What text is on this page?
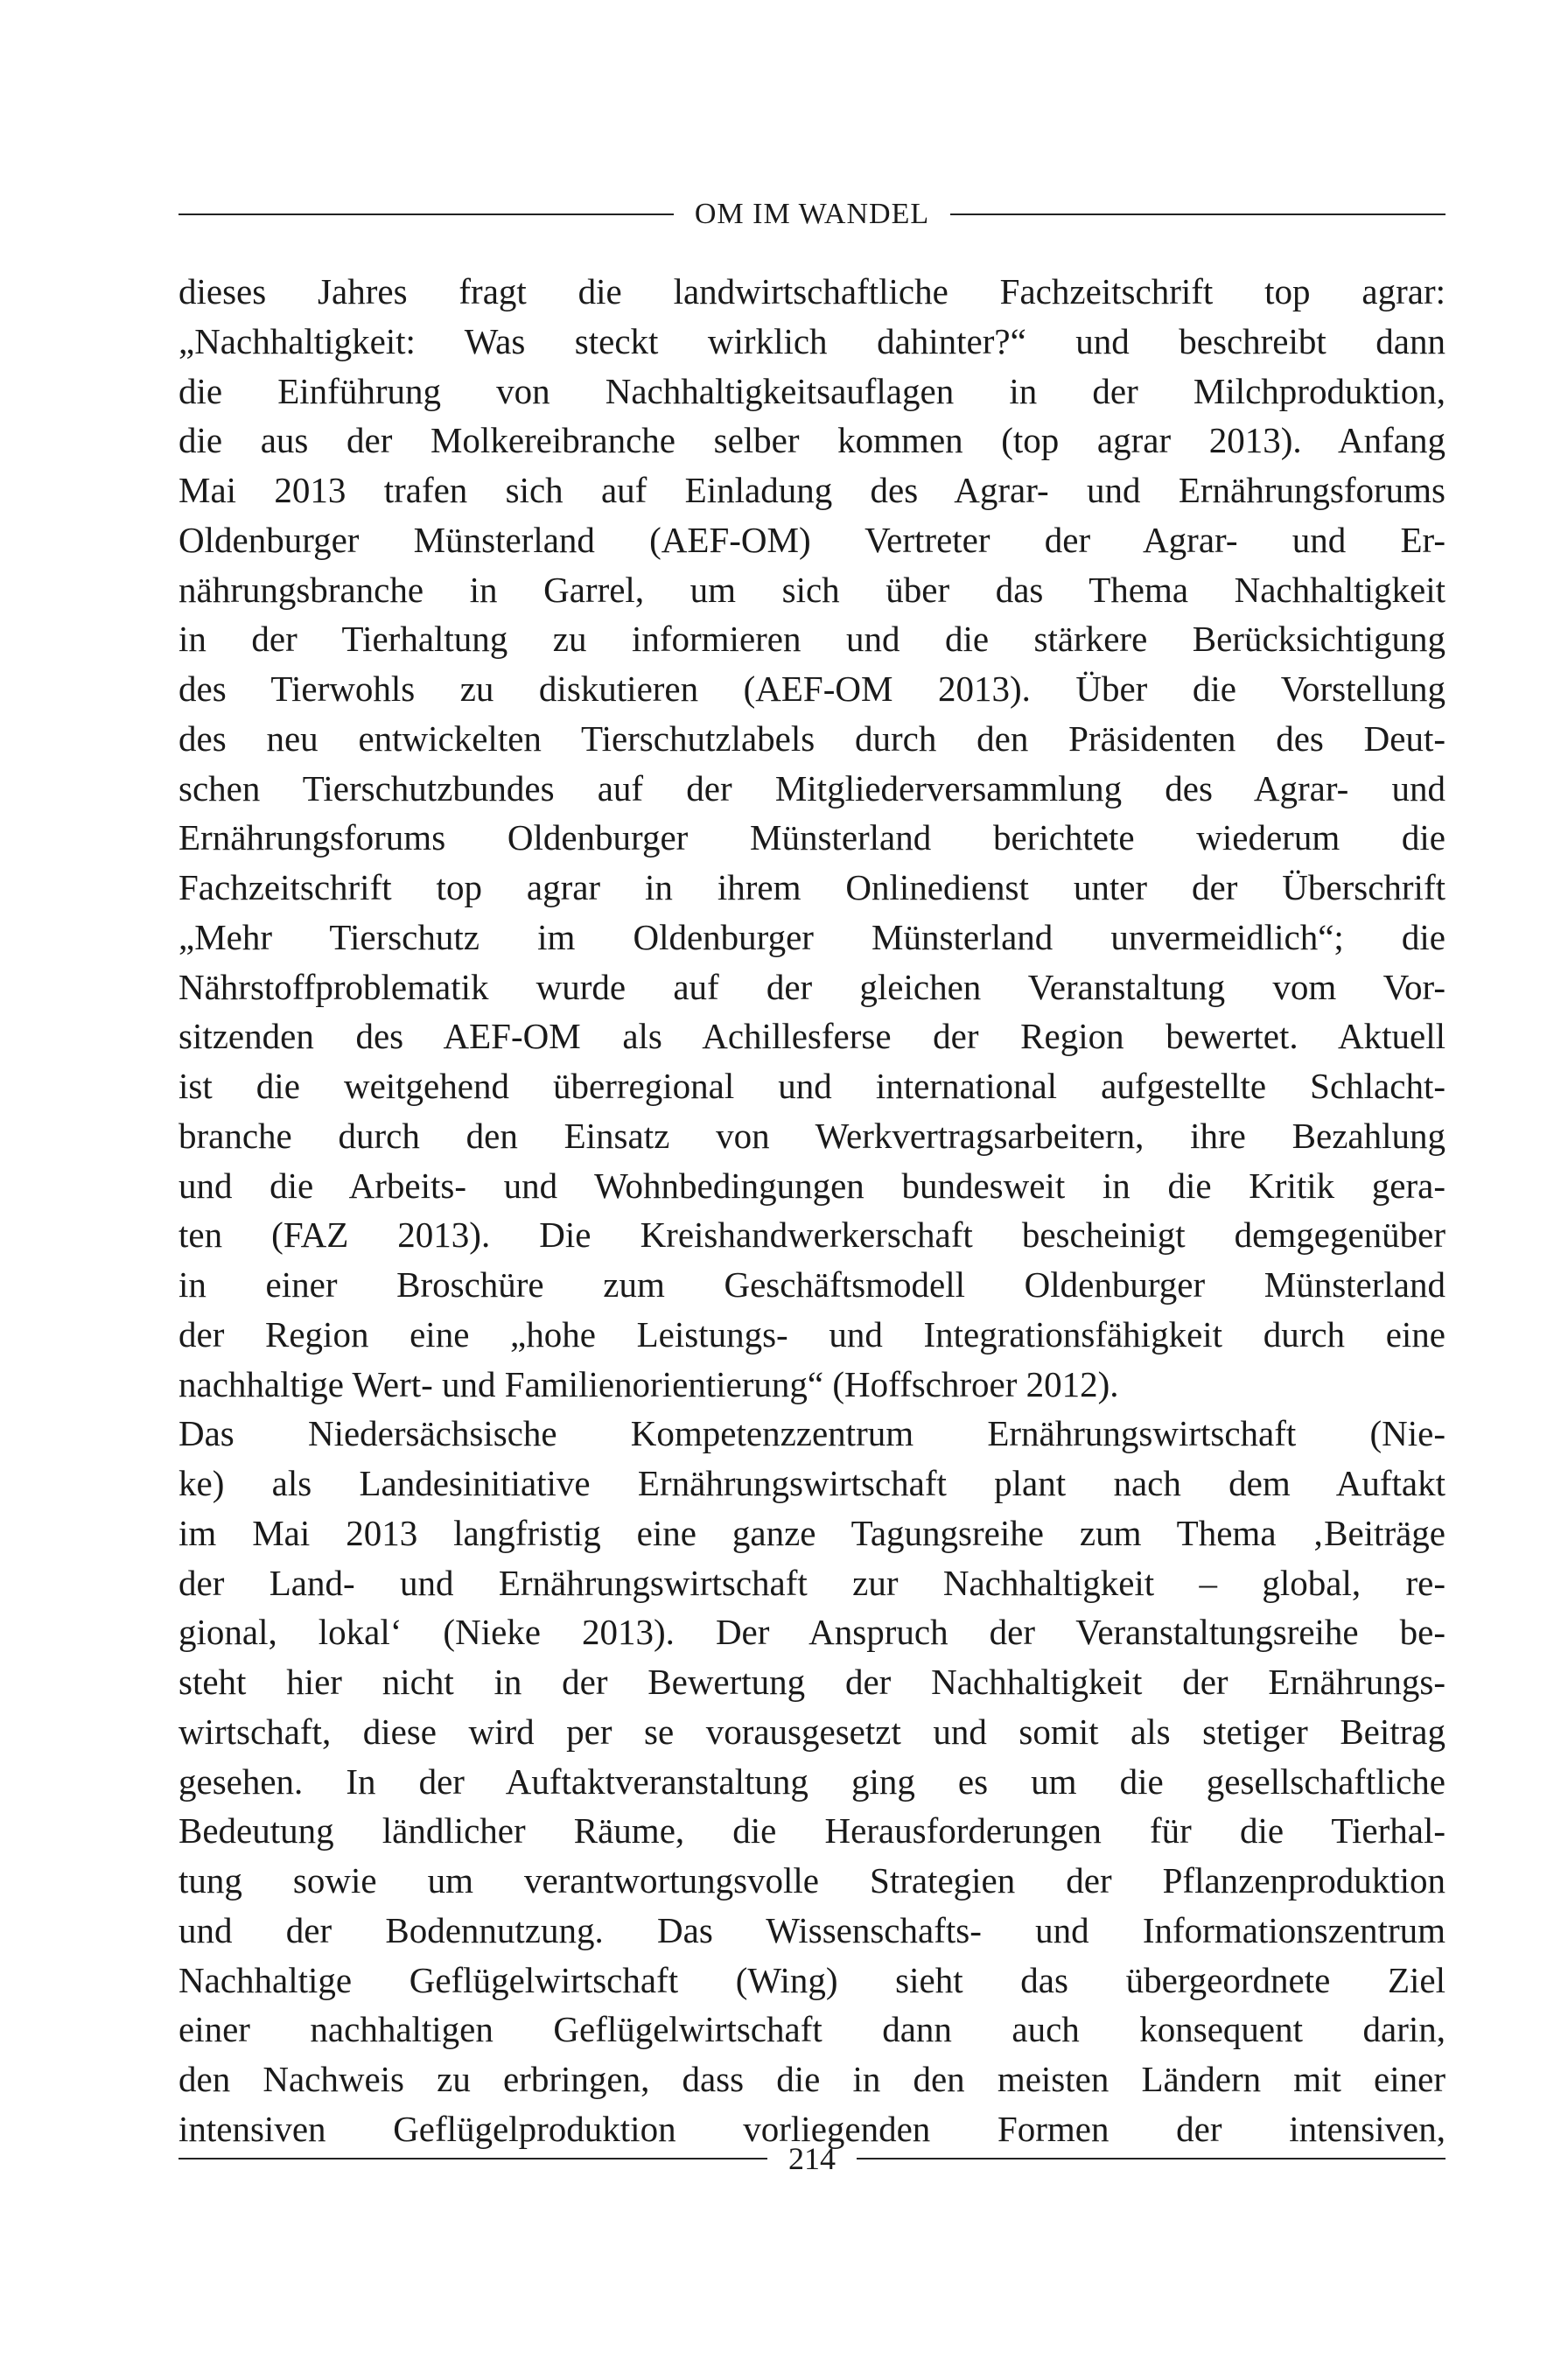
OM IM WANDEL
dieses Jahres fragt die landwirtschaftliche Fachzeitschrift top agrar:
„Nachhaltigkeit: Was steckt wirklich dahinter?“ und beschreibt dann
die Einführung von Nachhaltigkeitsauflagen in der Milchproduktion,
die aus der Molkereibranche selber kommen (top agrar 2013). Anfang
Mai 2013 trafen sich auf Einladung des Agrar- und Ernährungsforums
Oldenburger Münsterland (AEF-OM) Vertreter der Agrar- und Er-
nährungsbranche in Garrel, um sich über das Thema Nachhaltigkeit
in der Tierhaltung zu informieren und die stärkere Berücksichtigung
des Tierwohls zu diskutieren (AEF-OM 2013). Über die Vorstellung
des neu entwickelten Tierschutzlabels durch den Präsidenten des Deut-
schen Tierschutzbundes auf der Mitgliederversammlung des Agrar- und
Ernährungsforums Oldenburger Münsterland berichtete wiederum die
Fachzeitschrift top agrar in ihrem Onlinedienst unter der Überschrift
„Mehr Tierschutz im Oldenburger Münsterland unvermeidlich“; die
Nährstoffproblematik wurde auf der gleichen Veranstaltung vom Vor-
sitzenden des AEF-OM als Achillesferse der Region bewertet. Aktuell
ist die weitgehend überregional und international aufgestellte Schlacht-
branche durch den Einsatz von Werkvertragsarbeitern, ihre Bezahlung
und die Arbeits- und Wohnbedingungen bundesweit in die Kritik gera-
ten (FAZ 2013). Die Kreishandwerkerschaft bescheinigt demgegenüber
in einer Broschüre zum Geschäftsmodell Oldenburger Münsterland
der Region eine „hohe Leistungs- und Integrationsfähigkeit durch eine
nachhaltige Wert- und Familienorientierung“ (Hoffschroer 2012).
Das Niedersächsische Kompetenzzentrum Ernährungswirtschaft (Nie-
ke) als Landesinitiative Ernährungswirtschaft plant nach dem Auftakt
im Mai 2013 langfristig eine ganze Tagungsreihe zum Thema ‚Beiträge
der Land- und Ernährungswirtschaft zur Nachhaltigkeit – global, re-
gional, lokal‘ (Nieke 2013). Der Anspruch der Veranstaltungsreihe be-
steht hier nicht in der Bewertung der Nachhaltigkeit der Ernährungs-
wirtschaft, diese wird per se vorausgesetzt und somit als stetiger Beitrag
gesehen. In der Auftaktveranstaltung ging es um die gesellschaftliche
Bedeutung ländlicher Räume, die Herausforderungen für die Tierhal-
tung sowie um verantwortungsvolle Strategien der Pflanzenproduktion
und der Bodennutzung. Das Wissenschafts- und Informationszentrum
Nachhaltige Geflügelwirtschaft (Wing) sieht das übergeordnete Ziel
einer nachhaltigen Geflügelwirtschaft dann auch konsequent darin,
den Nachweis zu erbringen, dass die in den meisten Ländern mit einer
intensiven Geflügelproduktion vorliegenden Formen der intensiven,
214
